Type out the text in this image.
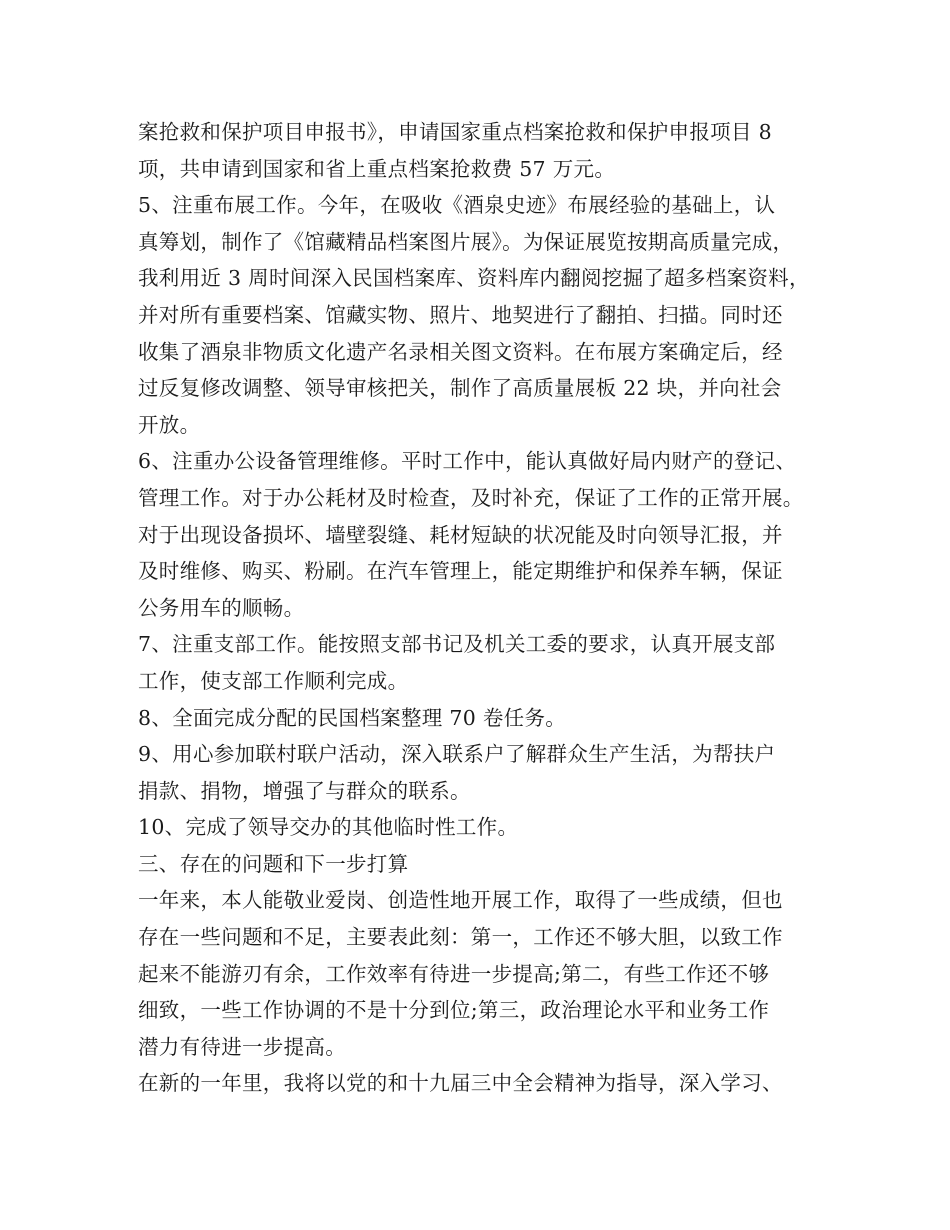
案抢救和保护项目申报书》，申请国家重点档案抢救和保护申报项目 8
项，共申请到国家和省上重点档案抢救费 57 万元。
5、注重布展工作。今年，在吸收《酒泉史迹》布展经验的基础上，认
真筹划，制作了《馆藏精品档案图片展》。为保证展览按期高质量完成，
我利用近 3 周时间深入民国档案库、资料库内翻阅挖掘了超多档案资料，
并对所有重要档案、馆藏实物、照片、地契进行了翻拍、扫描。同时还
收集了酒泉非物质文化遗产名录相关图文资料。在布展方案确定后，经
过反复修改调整、领导审核把关，制作了高质量展板 22 块，并向社会
开放。
6、注重办公设备管理维修。平时工作中，能认真做好局内财产的登记、
管理工作。对于办公耗材及时检查，及时补充，保证了工作的正常开展。
对于出现设备损坏、墙壁裂缝、耗材短缺的状况能及时向领导汇报，并
及时维修、购买、粉刷。在汽车管理上，能定期维护和保养车辆，保证
公务用车的顺畅。
7、注重支部工作。能按照支部书记及机关工委的要求，认真开展支部
工作，使支部工作顺利完成。
8、全面完成分配的民国档案整理 70 卷任务。
9、用心参加联村联户活动，深入联系户了解群众生产生活，为帮扶户
捐款、捐物，增强了与群众的联系。
10、完成了领导交办的其他临时性工作。
三、存在的问题和下一步打算
一年来，本人能敬业爱岗、创造性地开展工作，取得了一些成绩，但也
存在一些问题和不足，主要表此刻：第一，工作还不够大胆，以致工作
起来不能游刃有余，工作效率有待进一步提高;第二，有些工作还不够
细致，一些工作协调的不是十分到位;第三，政治理论水平和业务工作
潜力有待进一步提高。
在新的一年里，我将以党的和十九届三中全会精神为指导，深入学习、
